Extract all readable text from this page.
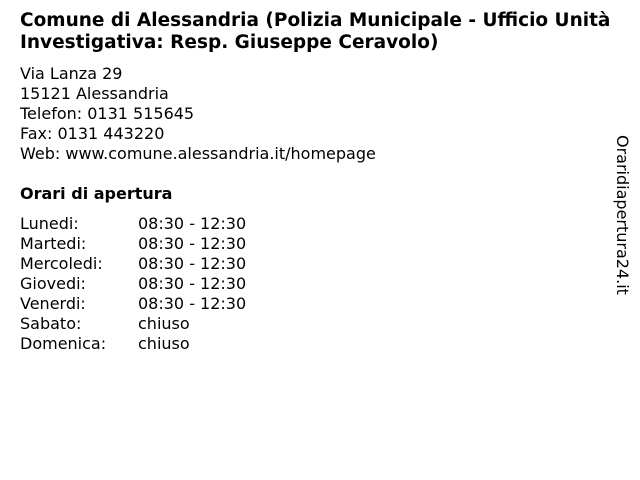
Comune di Alessandria (Polizia Municipale - Ufficio Unità Investigativa: Resp. Giuseppe Ceravolo)
Via Lanza 29
15121 Alessandria
Telefon: 0131 515645
Fax: 0131 443220
Web: www.comune.alessandria.it/homepage
Orari di apertura
Lunedi:	08:30 - 12:30
Martedi:	08:30 - 12:30
Mercoledi: 08:30 - 12:30
Giovedi:	08:30 - 12:30
Venerdi:	08:30 - 12:30
Sabato:	chiuso
Domenica: chiuso
Oraridiapertura24.it
